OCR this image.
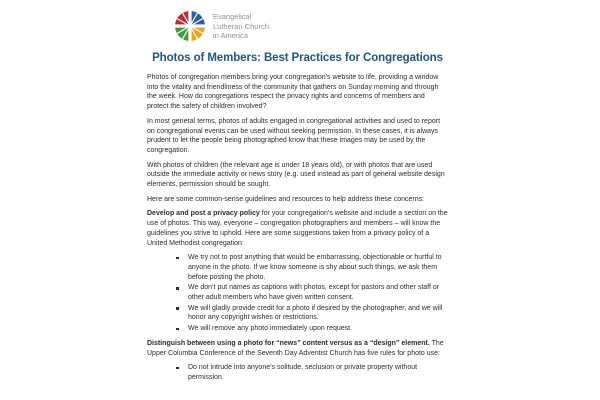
Evangelical
Lutheran Church
in America
Photos of Members: Best Practices for Congregations

Photos of congregation members bring your congregation’s website to life, providing a window into the vitality and friendliness of the community that gathers on Sunday morning and through the week. How do congregations respect the privacy rights and concerns of members and protect the safety of children involved?

In most general terms, photos of adults engaged in congregational activities and used to report on congregational events can be used without seeking permission. In these cases, it is always prudent to let the people being photographed know that these images may be used by the congregation.

With photos of children (the relevant age is under 18 years old), or with photos that are used outside the immediate activity or news story (e.g. used instead as part of general website design elements, permission should be sought.

Here are some common-sense guidelines and resources to help address these concerns:

Develop and post a privacy policy for your congregation’s website and include a section on the use of photos. This way, everyone – congregation photographers and members – will know the guidelines you strive to uphold. Here are some suggestions taken from a privacy policy of a United Methodist congregation:

We try not to post anything that would be embarrassing, objectionable or hurtful to anyone in the photo. If we know someone is shy about such things, we ask them before posting the photo.
We don’t put names as captions with photos, except for pastors and other staff or other adult members who have given written consent.
We will gladly provide credit for a photo if desired by the photographer, and we will honor any copyright wishes or restrictions.
We will remove any photo immediately upon request.

Distinguish between using a photo for “news” content versus as a “design” element. The Upper Columbia Conference of the Seventh Day Adventist Church has five rules for photo use:

Do not intrude into anyone’s solitude, seclusion or private property without permission.
